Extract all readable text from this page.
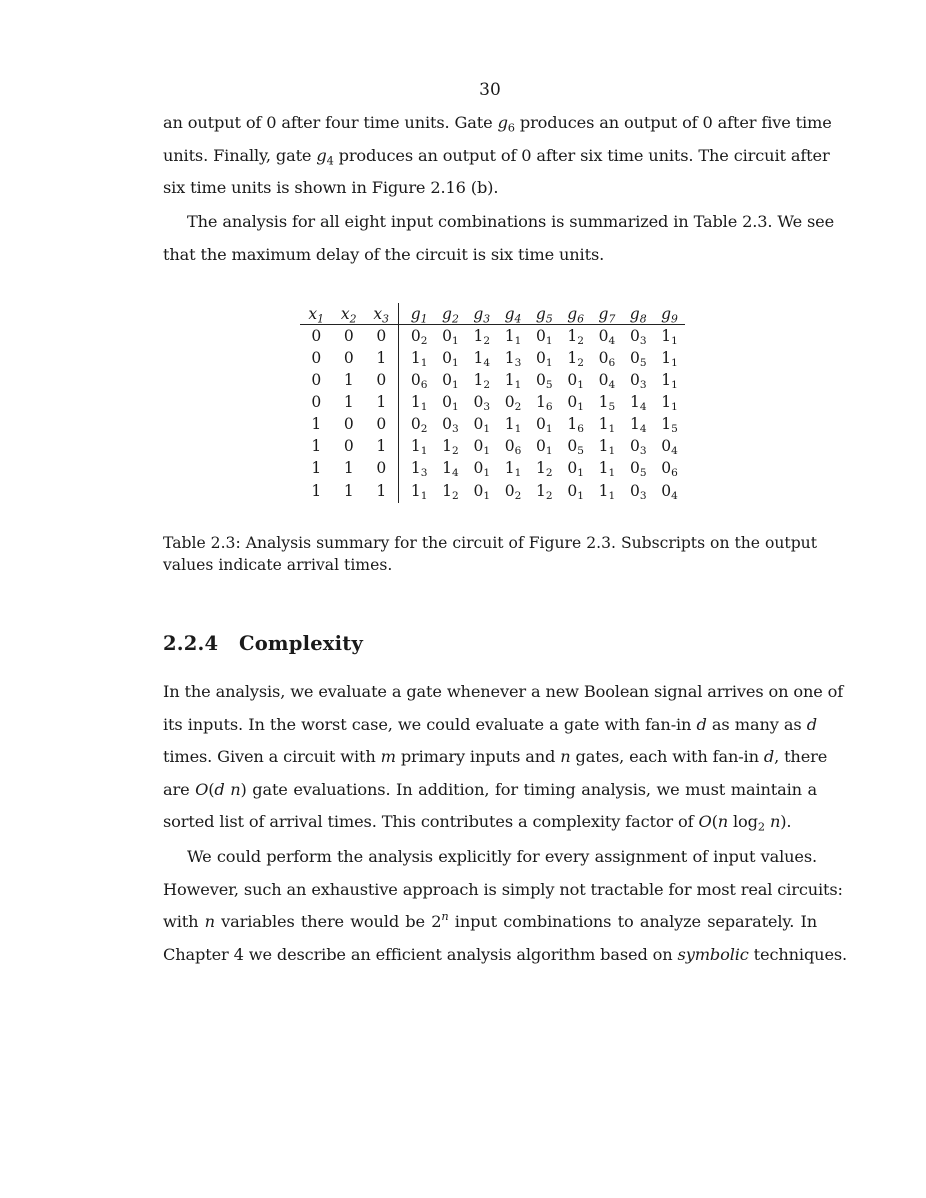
30
an output of 0 after four time units. Gate $g_6$ produces an output of 0 after five time
units. Finally, gate $g_4$ produces an output of 0 after six time units. The circuit after
six time units is shown in Figure 2.16 (b).
The analysis for all eight input combinations is summarized in Table 2.3. We see
that the maximum delay of the circuit is six time units.
$x_1$	$x_2$	$x_3$	$g_1$	$g_2$	$g_3$	$g_4$	$g_5$	$g_6$	$g_7$	$g_8$	$g_9$
0	0	0	$0_2$	$0_1$	$1_2$	$1_1$	$0_1$	$1_2$	$0_4$	$0_3$	$1_1$
0	0	1	$1_1$	$0_1$	$1_4$	$1_3$	$0_1$	$1_2$	$0_6$	$0_5$	$1_1$
0	1	0	$0_6$	$0_1$	$1_2$	$1_1$	$0_5$	$0_1$	$0_4$	$0_3$	$1_1$
0	1	1	$1_1$	$0_1$	$0_3$	$0_2$	$1_6$	$0_1$	$1_5$	$1_4$	$1_1$
1	0	0	$0_2$	$0_3$	$0_1$	$1_1$	$0_1$	$1_6$	$1_1$	$1_4$	$1_5$
1	0	1	$1_1$	$1_2$	$0_1$	$0_6$	$0_1$	$0_5$	$1_1$	$0_3$	$0_4$
1	1	0	$1_3$	$1_4$	$0_1$	$1_1$	$1_2$	$0_1$	$1_1$	$0_5$	$0_6$
1	1	1	$1_1$	$1_2$	$0_1$	$0_2$	$1_2$	$0_1$	$1_1$	$0_3$	$0_4$
Table 2.3: Analysis summary for the circuit of Figure 2.3. Subscripts on the output
values indicate arrival times.
2.2.4 Complexity
In the analysis, we evaluate a gate whenever a new Boolean signal arrives on one of
its inputs. In the worst case, we could evaluate a gate with fan-in d as many as d
times. Given a circuit with m primary inputs and n gates, each with fan-in d, there
are O(d n) gate evaluations. In addition, for timing analysis, we must maintain a
sorted list of arrival times. This contributes a complexity factor of O(n $\log_2 n$).
We could perform the analysis explicitly for every assignment of input values.
However, such an exhaustive approach is simply not tractable for most real circuits:
with n variables there would be 2$^n$ input combinations to analyze separately. In
Chapter 4 we describe an efficient analysis algorithm based on symbolic techniques.
